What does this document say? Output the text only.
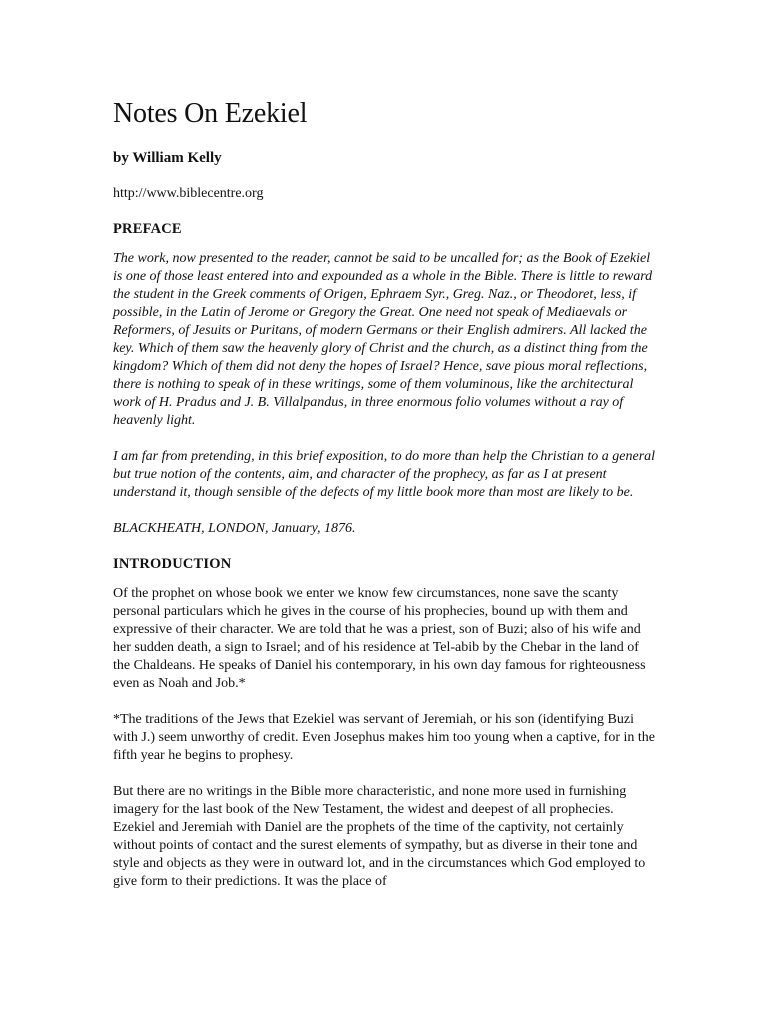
Notes On Ezekiel
by William Kelly
http://www.biblecentre.org
PREFACE

The work, now presented to the reader, cannot be said to be uncalled for; as the Book of Ezekiel is one of those least entered into and expounded as a whole in the Bible. There is little to reward the student in the Greek comments of Origen, Ephraem Syr., Greg. Naz., or Theodoret, less, if possible, in the Latin of Jerome or Gregory the Great. One need not speak of Mediaevals or Reformers, of Jesuits or Puritans, of modern Germans or their English admirers. All lacked the key. Which of them saw the heavenly glory of Christ and the church, as a distinct thing from the kingdom? Which of them did not deny the hopes of Israel? Hence, save pious moral reflections, there is nothing to speak of in these writings, some of them voluminous, like the architectural work of H. Pradus and J. B. Villalpandus, in three enormous folio volumes without a ray of heavenly light.

I am far from pretending, in this brief exposition, to do more than help the Christian to a general but true notion of the contents, aim, and character of the prophecy, as far as I at present understand it, though sensible of the defects of my little book more than most are likely to be.

BLACKHEATH, LONDON, January, 1876.

INTRODUCTION

Of the prophet on whose book we enter we know few circumstances, none save the scanty personal particulars which he gives in the course of his prophecies, bound up with them and expressive of their character. We are told that he was a priest, son of Buzi; also of his wife and her sudden death, a sign to Israel; and of his residence at Tel-abib by the Chebar in the land of the Chaldeans. He speaks of Daniel his contemporary, in his own day famous for righteousness even as Noah and Job.*

*The traditions of the Jews that Ezekiel was servant of Jeremiah, or his son (identifying Buzi with J.) seem unworthy of credit. Even Josephus makes him too young when a captive, for in the fifth year he begins to prophesy.

But there are no writings in the Bible more characteristic, and none more used in furnishing imagery for the last book of the New Testament, the widest and deepest of all prophecies. Ezekiel and Jeremiah with Daniel are the prophets of the time of the captivity, not certainly without points of contact and the surest elements of sympathy, but as diverse in their tone and style and objects as they were in outward lot, and in the circumstances which God employed to give form to their predictions. It was the place of
